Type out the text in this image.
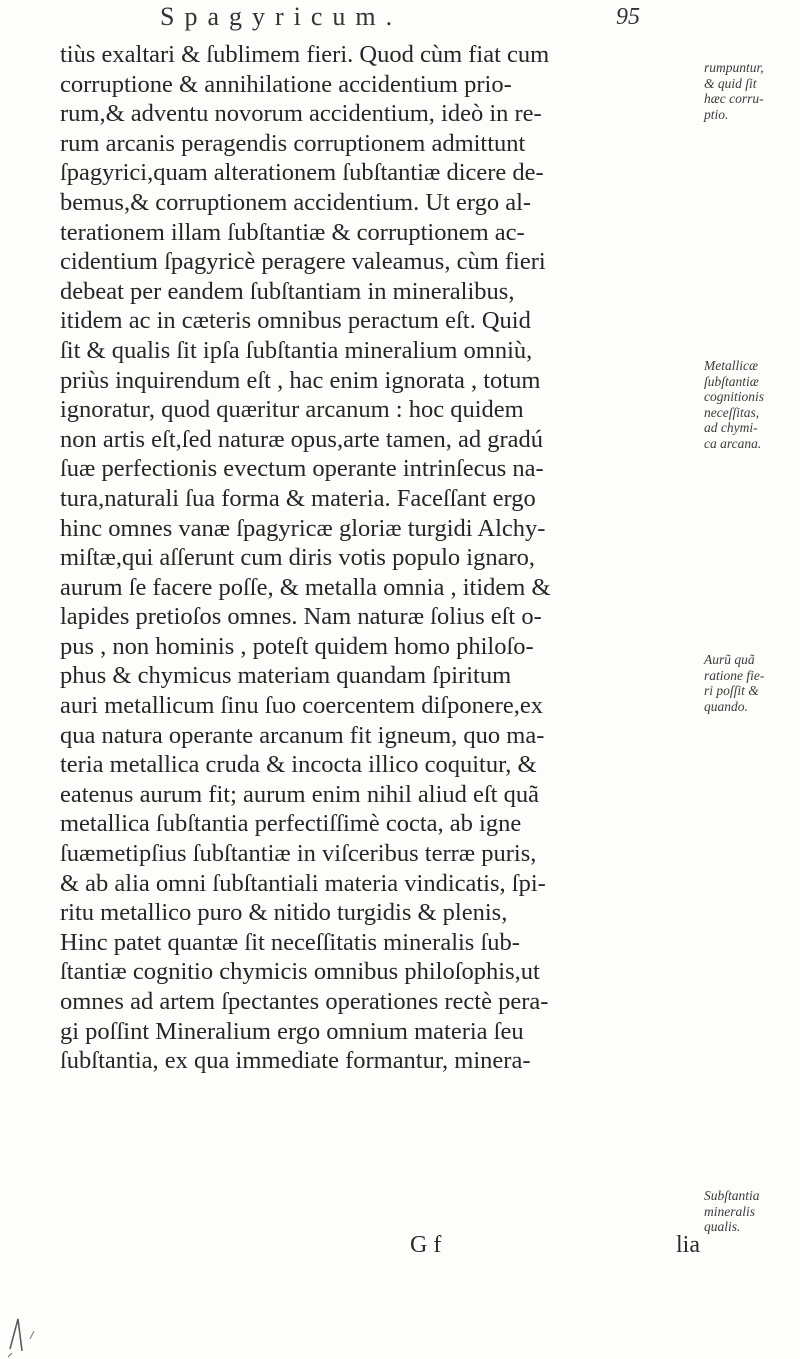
Spagyricum.	95
tiùs exaltari & ſublimem fieri. Quod cùm fiat cum
corruptione & annihilatione accidentium prio-
rum,& adventu novorum accidentium, ideò in re-
rum arcanis peragendis corruptionem admittunt
ſpagyrici,quam alterationem ſubſtantiæ dicere de-
bemus,& corruptionem accidentium. Ut ergo al-
terationem illam ſubſtantiæ & corruptionem ac-
cidentium ſpagyricè peragere valeamus, cùm fieri
debeat per eandem ſubſtantiam in mineralibus,
itidem ac in cæteris omnibus peractum eſt. Quid
ſit & qualis ſit ipſa ſubſtantia mineralium omniù,
priùs inquirendum eſt , hac enim ignorata , totum
ignoratur, quod quæritur arcanum : hoc quidem
non artis eſt,ſed naturæ opus,arte tamen, ad gradú
ſuæ perfectionis evectum operante intrinſecus na-
tura,naturali ſua forma & materia. Faceſſant ergo
hinc omnes vanæ ſpagyricæ gloriæ turgidi Alchy-
miſtæ,qui aſſerunt cum diris votis populo ignaro,
aurum ſe facere poſſe, & metalla omnia , itidem &
lapides pretioſos omnes. Nam naturæ ſolius eſt o-
pus , non hominis , poteſt quidem homo philoſo-
phus & chymicus materiam quandam ſpiritum
auri metallicum ſinu ſuo coercentem diſponere,ex
qua natura operante arcanum fit igneum, quo ma-
teria metallica cruda & incocta illico coquitur, &
eatenus aurum fit; aurum enim nihil aliud eſt quã
metallica ſubſtantia perfectiſſimè cocta, ab igne
ſuæmetipſius ſubſtantiæ in viſceribus terræ puris,
& ab alia omni ſubſtantiali materia vindicatis, ſpi-
ritu metallico puro & nitido turgidis & plenis,
Hinc patet quantæ ſit neceſſitatis mineralis ſub-
ſtantiæ cognitio chymicis omnibus philoſophis,ut
omnes ad artem ſpectantes operationes rectè pera-
gi poſſint Mineralium ergo omnium materia ſeu
ſubſtantia, ex qua immediate formantur, minera-
rumpuntur,
& quid ſit
hæc corru-
ptio.
Metallicæ
ſubſtantiæ
cognitionis
neceſſitas,
ad chymi-
ca arcana.
Aurũ quã
ratione fie-
ri poſſit &
quando.
Subſtantia
mineralis
qualis.
G f	lia
